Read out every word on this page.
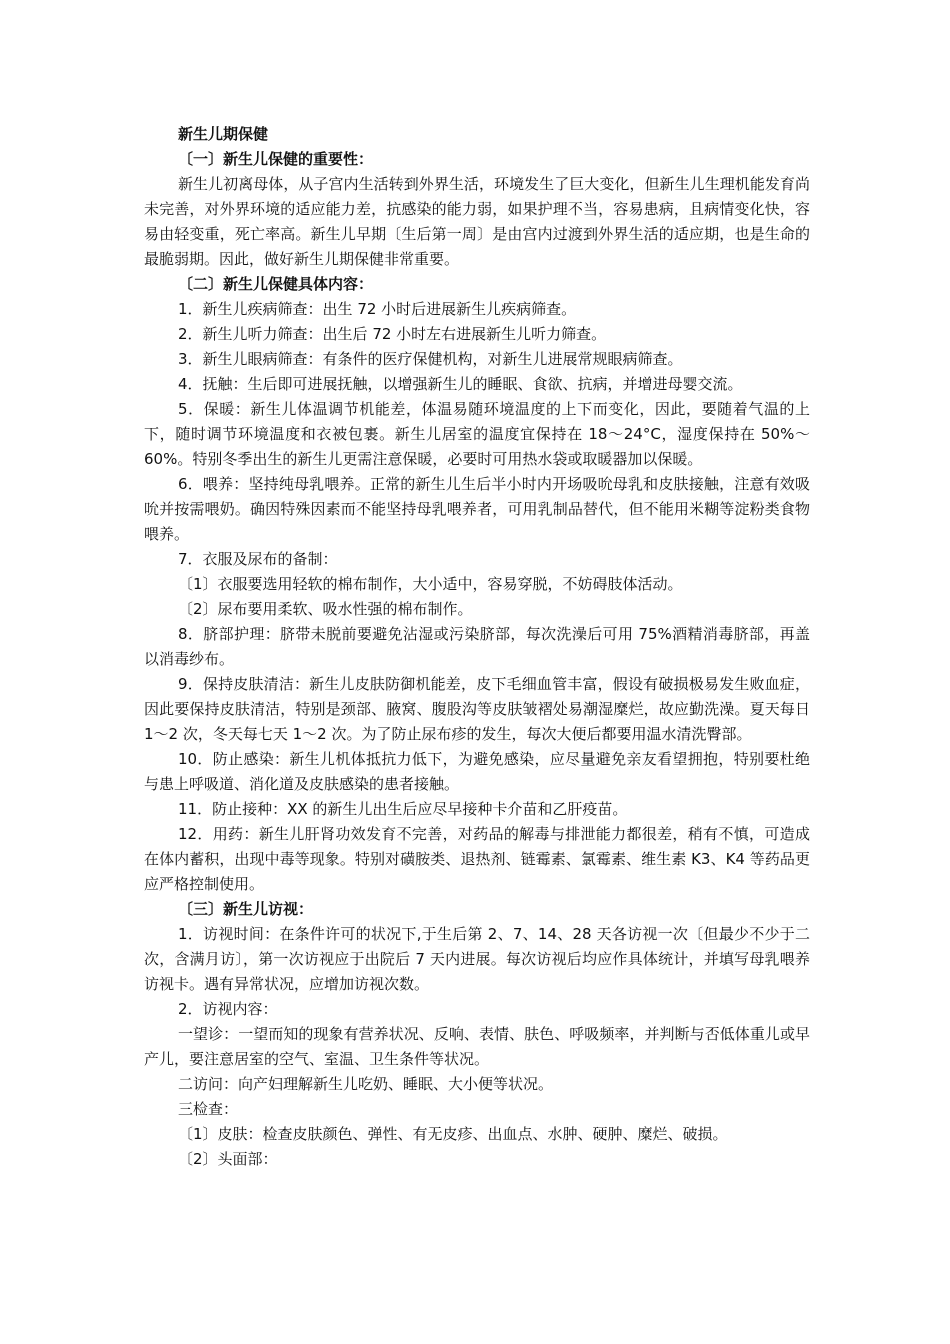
新生儿期保健

〔一〕新生儿保健的重要性：

新生儿初离母体，从子宫内生活转到外界生活，环境发生了巨大变化，但新生儿生理机能发育尚未完善，对外界环境的适应能力差，抗感染的能力弱，如果护理不当，容易患病，且病情变化快，容易由轻变重，死亡率高。新生儿早期〔生后第一周〕是由宫内过渡到外界生活的适应期，也是生命的最脆弱期。因此，做好新生儿期保健非常重要。

〔二〕新生儿保健具体内容：

1．新生儿疾病筛查：出生 72 小时后进展新生儿疾病筛查。

2．新生儿听力筛查：出生后 72 小时左右进展新生儿听力筛查。

3．新生儿眼病筛查：有条件的医疗保健机构，对新生儿进展常规眼病筛查。

4．抚触：生后即可进展抚触，以增强新生儿的睡眠、食欲、抗病，并增进母婴交流。

5．保暖：新生儿体温调节机能差，体温易随环境温度的上下而变化，因此，要随着气温的上下，随时调节环境温度和衣被包裹。新生儿居室的温度宜保持在 18～24°C，湿度保持在 50%～60%。特别冬季出生的新生儿更需注意保暖，必要时可用热水袋或取暖器加以保暖。

6．喂养：坚持纯母乳喂养。正常的新生儿生后半小时内开场吸吮母乳和皮肤接触，注意有效吸吮并按需喂奶。确因特殊因素而不能坚持母乳喂养者，可用乳制品替代，但不能用米糊等淀粉类食物喂养。

7．衣服及尿布的备制：

〔1〕衣服要选用轻软的棉布制作，大小适中，容易穿脱，不妨碍肢体活动。

〔2〕尿布要用柔软、吸水性强的棉布制作。

8．脐部护理：脐带未脱前要避免沾湿或污染脐部，每次洗澡后可用 75%酒精消毒脐部，再盖以消毒纱布。

9．保持皮肤清洁：新生儿皮肤防御机能差，皮下毛细血管丰富，假设有破损极易发生败血症，因此要保持皮肤清洁，特别是颈部、腋窝、腹股沟等皮肤皱褶处易潮湿糜烂，故应勤洗澡。夏天每日 1～2 次，冬天每七天 1～2 次。为了防止尿布疹的发生，每次大便后都要用温水清洗臀部。

10．防止感染：新生儿机体抵抗力低下，为避免感染，应尽量避免亲友看望拥抱，特别要杜绝与患上呼吸道、消化道及皮肤感染的患者接触。

11．防止接种：XX 的新生儿出生后应尽早接种卡介苗和乙肝疫苗。

12．用药：新生儿肝肾功效发育不完善，对药品的解毒与排泄能力都很差，稍有不慎，可造成在体内蓄积，出现中毒等现象。特别对磺胺类、退热剂、链霉素、氯霉素、维生素 K3、K4 等药品更应严格控制使用。

〔三〕新生儿访视：

1．访视时间：在条件许可的状况下,于生后第 2、7、14、28 天各访视一次〔但最少不少于二次，含满月访〕，第一次访视应于出院后 7 天内进展。每次访视后均应作具体统计，并填写母乳喂养访视卡。遇有异常状况，应增加访视次数。

2．访视内容：

一望诊：一望而知的现象有营养状况、反响、表情、肤色、呼吸频率，并判断与否低体重儿或早产儿，要注意居室的空气、室温、卫生条件等状况。

二访问：向产妇理解新生儿吃奶、睡眠、大小便等状况。

三检查：

〔1〕皮肤：检查皮肤颜色、弹性、有无皮疹、出血点、水肿、硬肿、糜烂、破损。

〔2〕头面部：
